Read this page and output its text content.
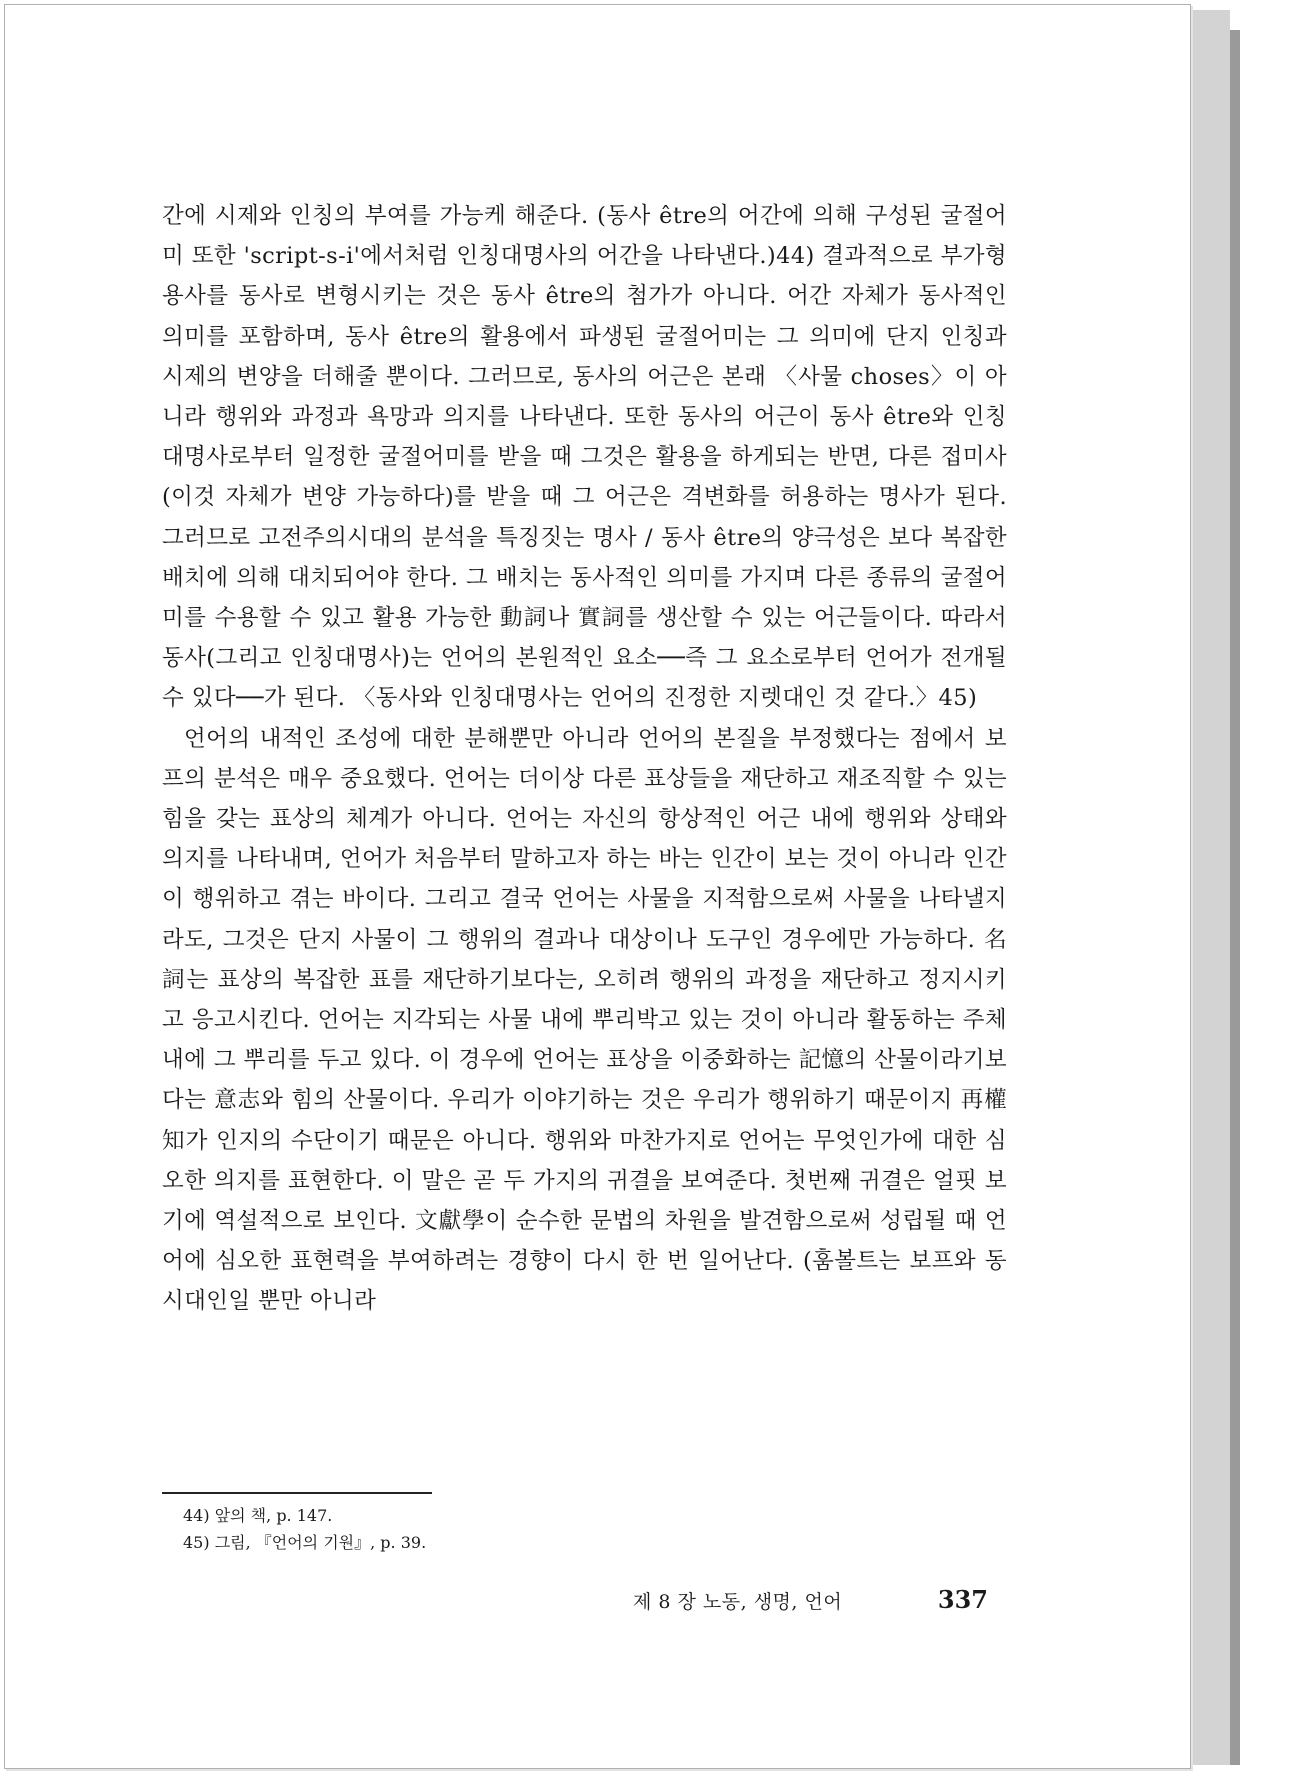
간에 시제와 인칭의 부여를 가능케 해준다. (동사 être의 어간에 의해 구성된 굴절어미 또한 'script-s-i'에서처럼 인칭대명사의 어간을 나타낸다.)44) 결과적으로 부가형용사를 동사로 변형시키는 것은 동사 être의 첨가가 아니다. 어간 자체가 동사적인 의미를 포함하며, 동사 être의 활용에서 파생된 굴절어미는 그 의미에 단지 인칭과 시제의 변양을 더해줄 뿐이다. 그러므로, 동사의 어근은 본래 〈사물 choses〉이 아니라 행위와 과정과 욕망과 의지를 나타낸다. 또한 동사의 어근이 동사 être와 인칭대명사로부터 일정한 굴절어미를 받을 때 그것은 활용을 하게되는 반면, 다른 접미사(이것 자체가 변양 가능하다)를 받을 때 그 어근은 격변화를 허용하는 명사가 된다. 그러므로 고전주의시대의 분석을 특징짓는 명사 / 동사 être의 양극성은 보다 복잡한 배치에 의해 대치되어야 한다. 그 배치는 동사적인 의미를 가지며 다른 종류의 굴절어미를 수용할 수 있고 활용 가능한 動詞나 實詞를 생산할 수 있는 어근들이다. 따라서 동사(그리고 인칭대명사)는 언어의 본원적인 요소──즉 그 요소로부터 언어가 전개될 수 있다──가 된다. 〈동사와 인칭대명사는 언어의 진정한 지렛대인 것 같다.〉45)

언어의 내적인 조성에 대한 분해뿐만 아니라 언어의 본질을 부정했다는 점에서 보프의 분석은 매우 중요했다. 언어는 더이상 다른 표상들을 재단하고 재조직할 수 있는 힘을 갖는 표상의 체계가 아니다. 언어는 자신의 항상적인 어근 내에 행위와 상태와 의지를 나타내며, 언어가 처음부터 말하고자 하는 바는 인간이 보는 것이 아니라 인간이 행위하고 겪는 바이다. 그리고 결국 언어는 사물을 지적함으로써 사물을 나타낼지라도, 그것은 단지 사물이 그 행위의 결과나 대상이나 도구인 경우에만 가능하다. 名詞는 표상의 복잡한 표를 재단하기보다는, 오히려 행위의 과정을 재단하고 정지시키고 응고시킨다. 언어는 지각되는 사물 내에 뿌리박고 있는 것이 아니라 활동하는 주체 내에 그 뿌리를 두고 있다. 이 경우에 언어는 표상을 이중화하는 記憶의 산물이라기보다는 意志와 힘의 산물이다. 우리가 이야기하는 것은 우리가 행위하기 때문이지 再權知가 인지의 수단이기 때문은 아니다. 행위와 마찬가지로 언어는 무엇인가에 대한 심오한 의지를 표현한다. 이 말은 곧 두 가지의 귀결을 보여준다. 첫번째 귀결은 얼핏 보기에 역설적으로 보인다. 文獻學이 순수한 문법의 차원을 발견함으로써 성립될 때 언어에 심오한 표현력을 부여하려는 경향이 다시 한 번 일어난다. (훔볼트는 보프와 동시대인일 뿐만 아니라

44) 앞의 책, p. 147.
45) 그림, 『언어의 기원』, p. 39.
제 8 장 노동, 생명, 언어	337
